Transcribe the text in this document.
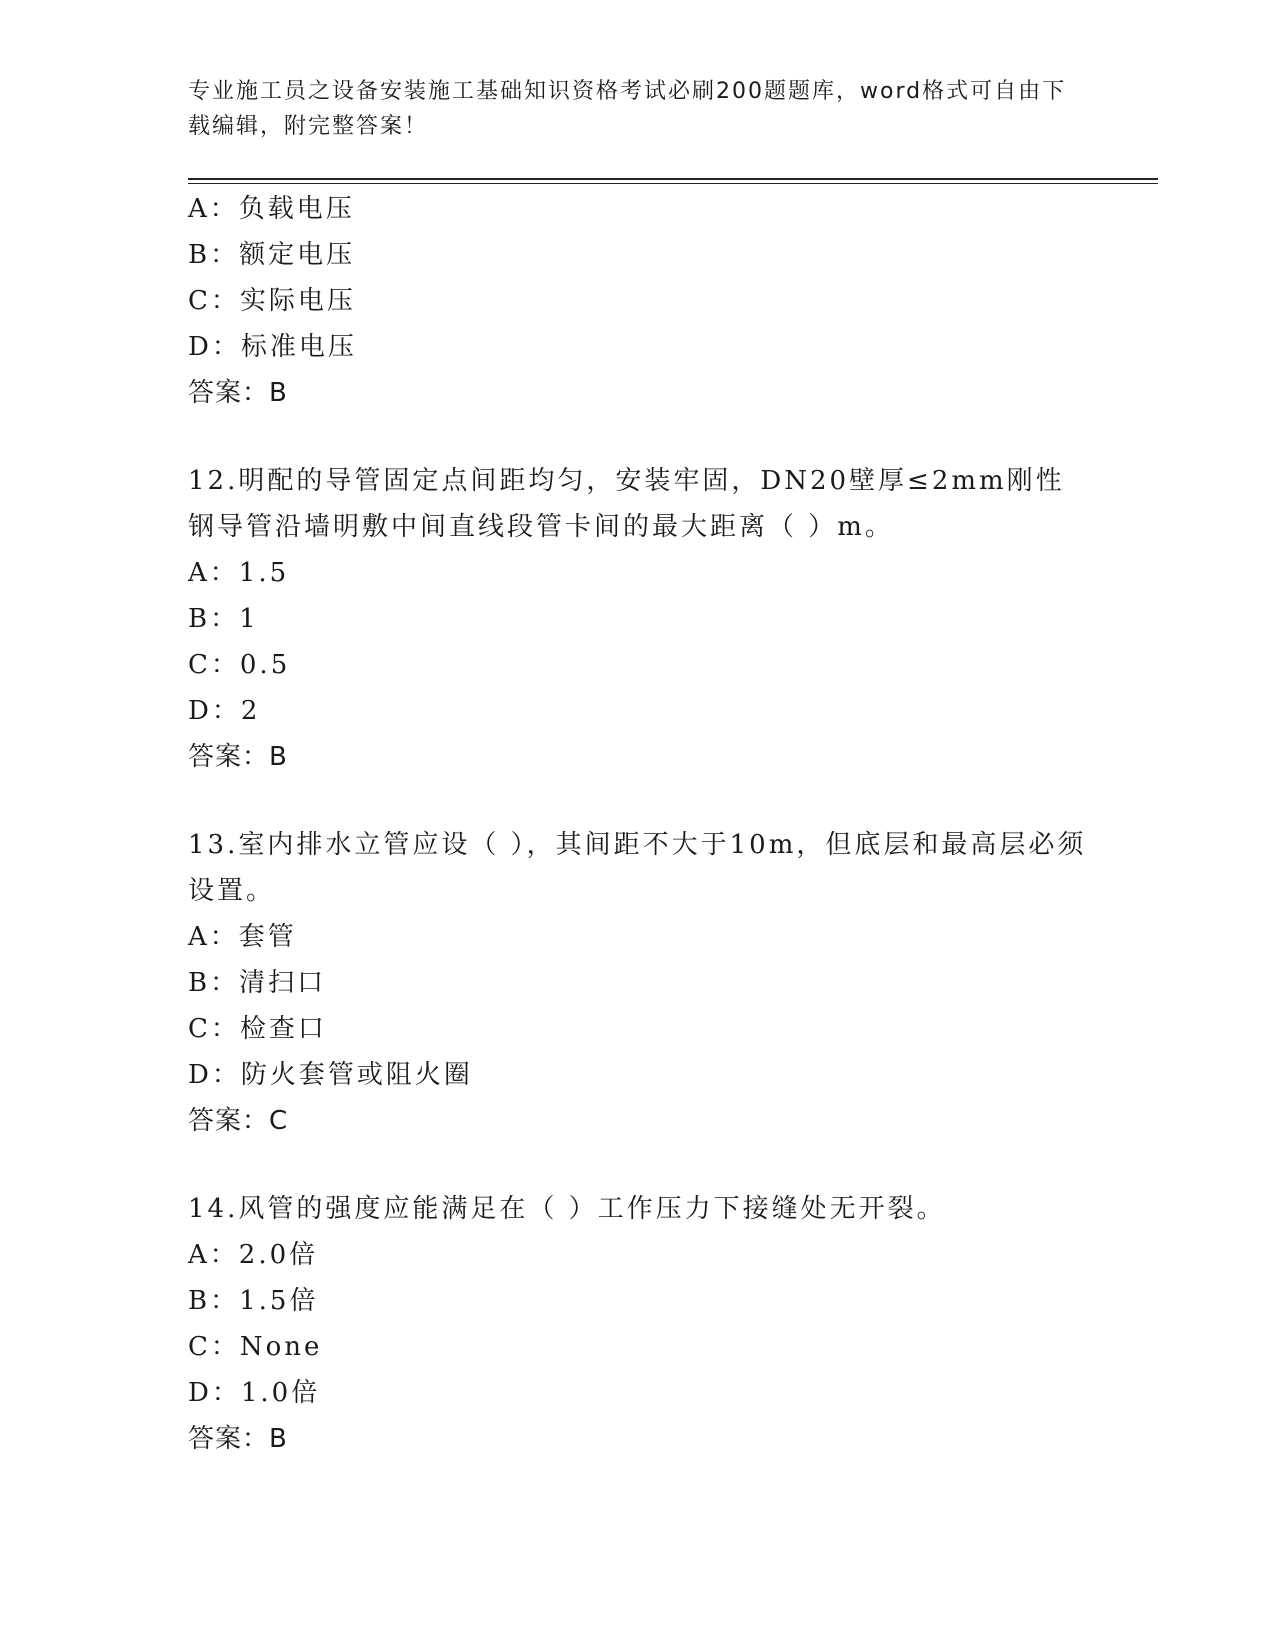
专业施工员之设备安装施工基础知识资格考试必刷200题题库，word格式可自由下载编辑，附完整答案！
A：负载电压
B：额定电压
C：实际电压
D：标准电压
答案：B
12.明配的导管固定点间距均匀，安装牢固，DN20壁厚≤2mm刚性钢导管沿墙明敷中间直线段管卡间的最大距离（ ）m。
A：1.5
B：1
C：0.5
D：2
答案：B
13.室内排水立管应设（ ），其间距不大于10m，但底层和最高层必须设置。
A：套管
B：清扫口
C：检查口
D：防火套管或阻火圈
答案：C
14.风管的强度应能满足在（ ）工作压力下接缝处无开裂。
A：2.0倍
B：1.5倍
C：None
D：1.0倍
答案：B
